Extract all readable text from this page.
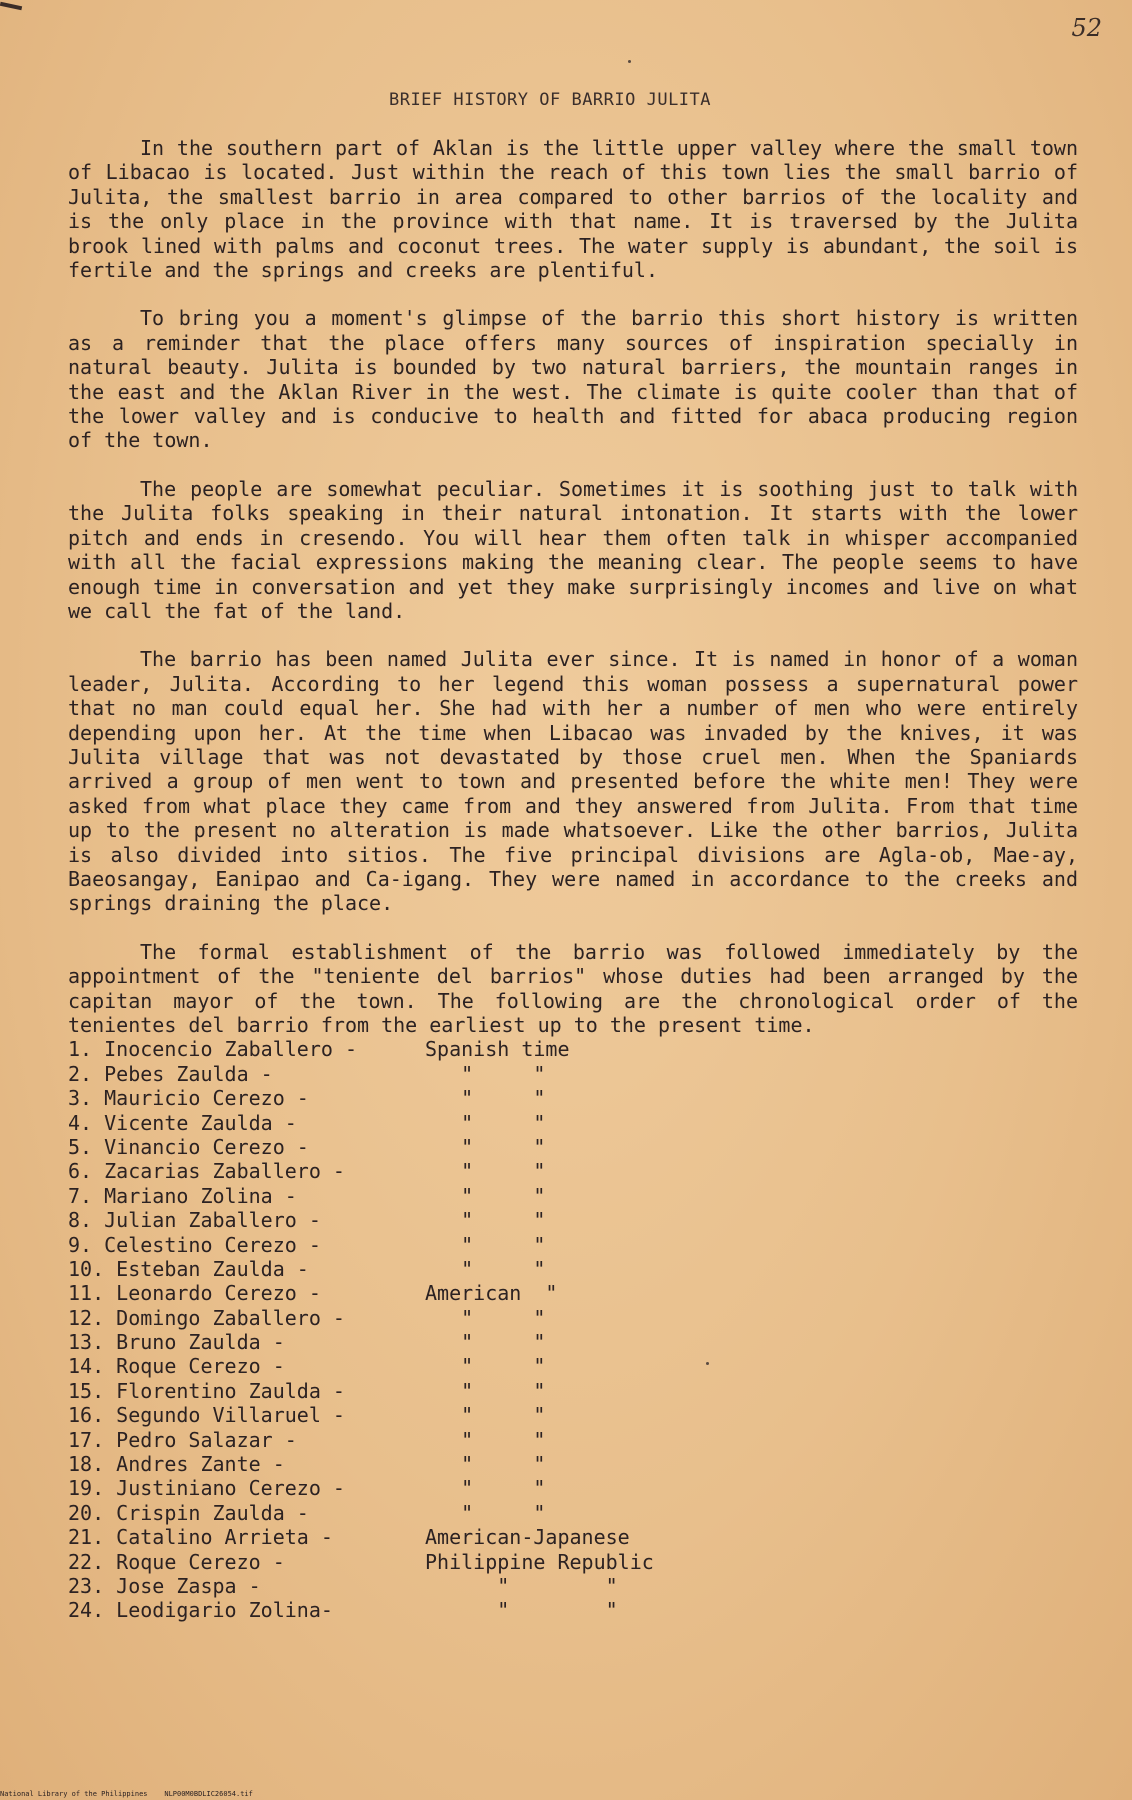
52
BRIEF HISTORY OF BARRIO JULITA

In the southern part of Aklan is the little upper valley where the small town of Libacao is located. Just within the reach of this town lies the small barrio of Julita, the smallest barrio in area compared to other barrios of the locality and is the only place in the province with that name. It is traversed by the Julita brook lined with palms and coconut trees. The water supply is abundant, the soil is fertile and the springs and creeks are plentiful.

To bring you a moment's glimpse of the barrio this short history is written as a reminder that the place offers many sources of inspiration specially in natural beauty. Julita is bounded by two natural barriers, the mountain ranges in the east and the Aklan River in the west. The climate is quite cooler than that of the lower valley and is conducive to health and fitted for abaca producing region of the town.

The people are somewhat peculiar. Sometimes it is soothing just to talk with the Julita folks speaking in their natural intonation. It starts with the lower pitch and ends in cresendo. You will hear them often talk in whisper accompanied with all the facial expressions making the meaning clear. The people seems to have enough time in conversation and yet they make surprisingly incomes and live on what we call the fat of the land.

The barrio has been named Julita ever since. It is named in honor of a woman leader, Julita. According to her legend this woman possess a supernatural power that no man could equal her. She had with her a number of men who were entirely depending upon her. At the time when Libacao was invaded by the knives, it was Julita village that was not devastated by those cruel men. When the Spaniards arrived a group of men went to town and presented before the white men! They were asked from what place they came from and they answered from Julita. From that time up to the present no alteration is made whatsoever. Like the other barrios, Julita is also divided into sitios. The five principal divisions are Agla-ob, Mae-ay, Baeosangay, Eanipao and Ca-igang. They were named in accordance to the creeks and springs draining the place.

The formal establishment of the barrio was followed immediately by the appointment of the "teniente del barrios" whose duties had been arranged by the capitan mayor of the town. The following are the chronological order of the tenientes del barrio from the earliest up to the present time.

1. Inocencio Zaballero -	Spanish time
2. Pebes Zaulda -	"     "
3. Mauricio Cerezo -	"     "
4. Vicente Zaulda -	"     "
5. Vinancio Cerezo -	"     "
6. Zacarias Zaballero -	"     "
7. Mariano Zolina -	"     "
8. Julian Zaballero -	"     "
9. Celestino Cerezo -	"     "
10. Esteban Zaulda -	"     "
11. Leonardo Cerezo -	American  "
12. Domingo Zaballero -	"     "
13. Bruno Zaulda -	"     "
14. Roque Cerezo -	"     "
15. Florentino Zaulda -	"     "
16. Segundo Villaruel -	"     "
17. Pedro Salazar -	"     "
18. Andres Zante -	"     "
19. Justiniano Cerezo -	"     "
20. Crispin Zaulda -	"     "
21. Catalino Arrieta -	American-Japanese
22. Roque Cerezo -	Philippine Republic
23. Jose Zaspa -	"        "
24. Leodigario Zolina-	"        "
National Library of the Philippines    NLP00M0BDLIC26054.tif
